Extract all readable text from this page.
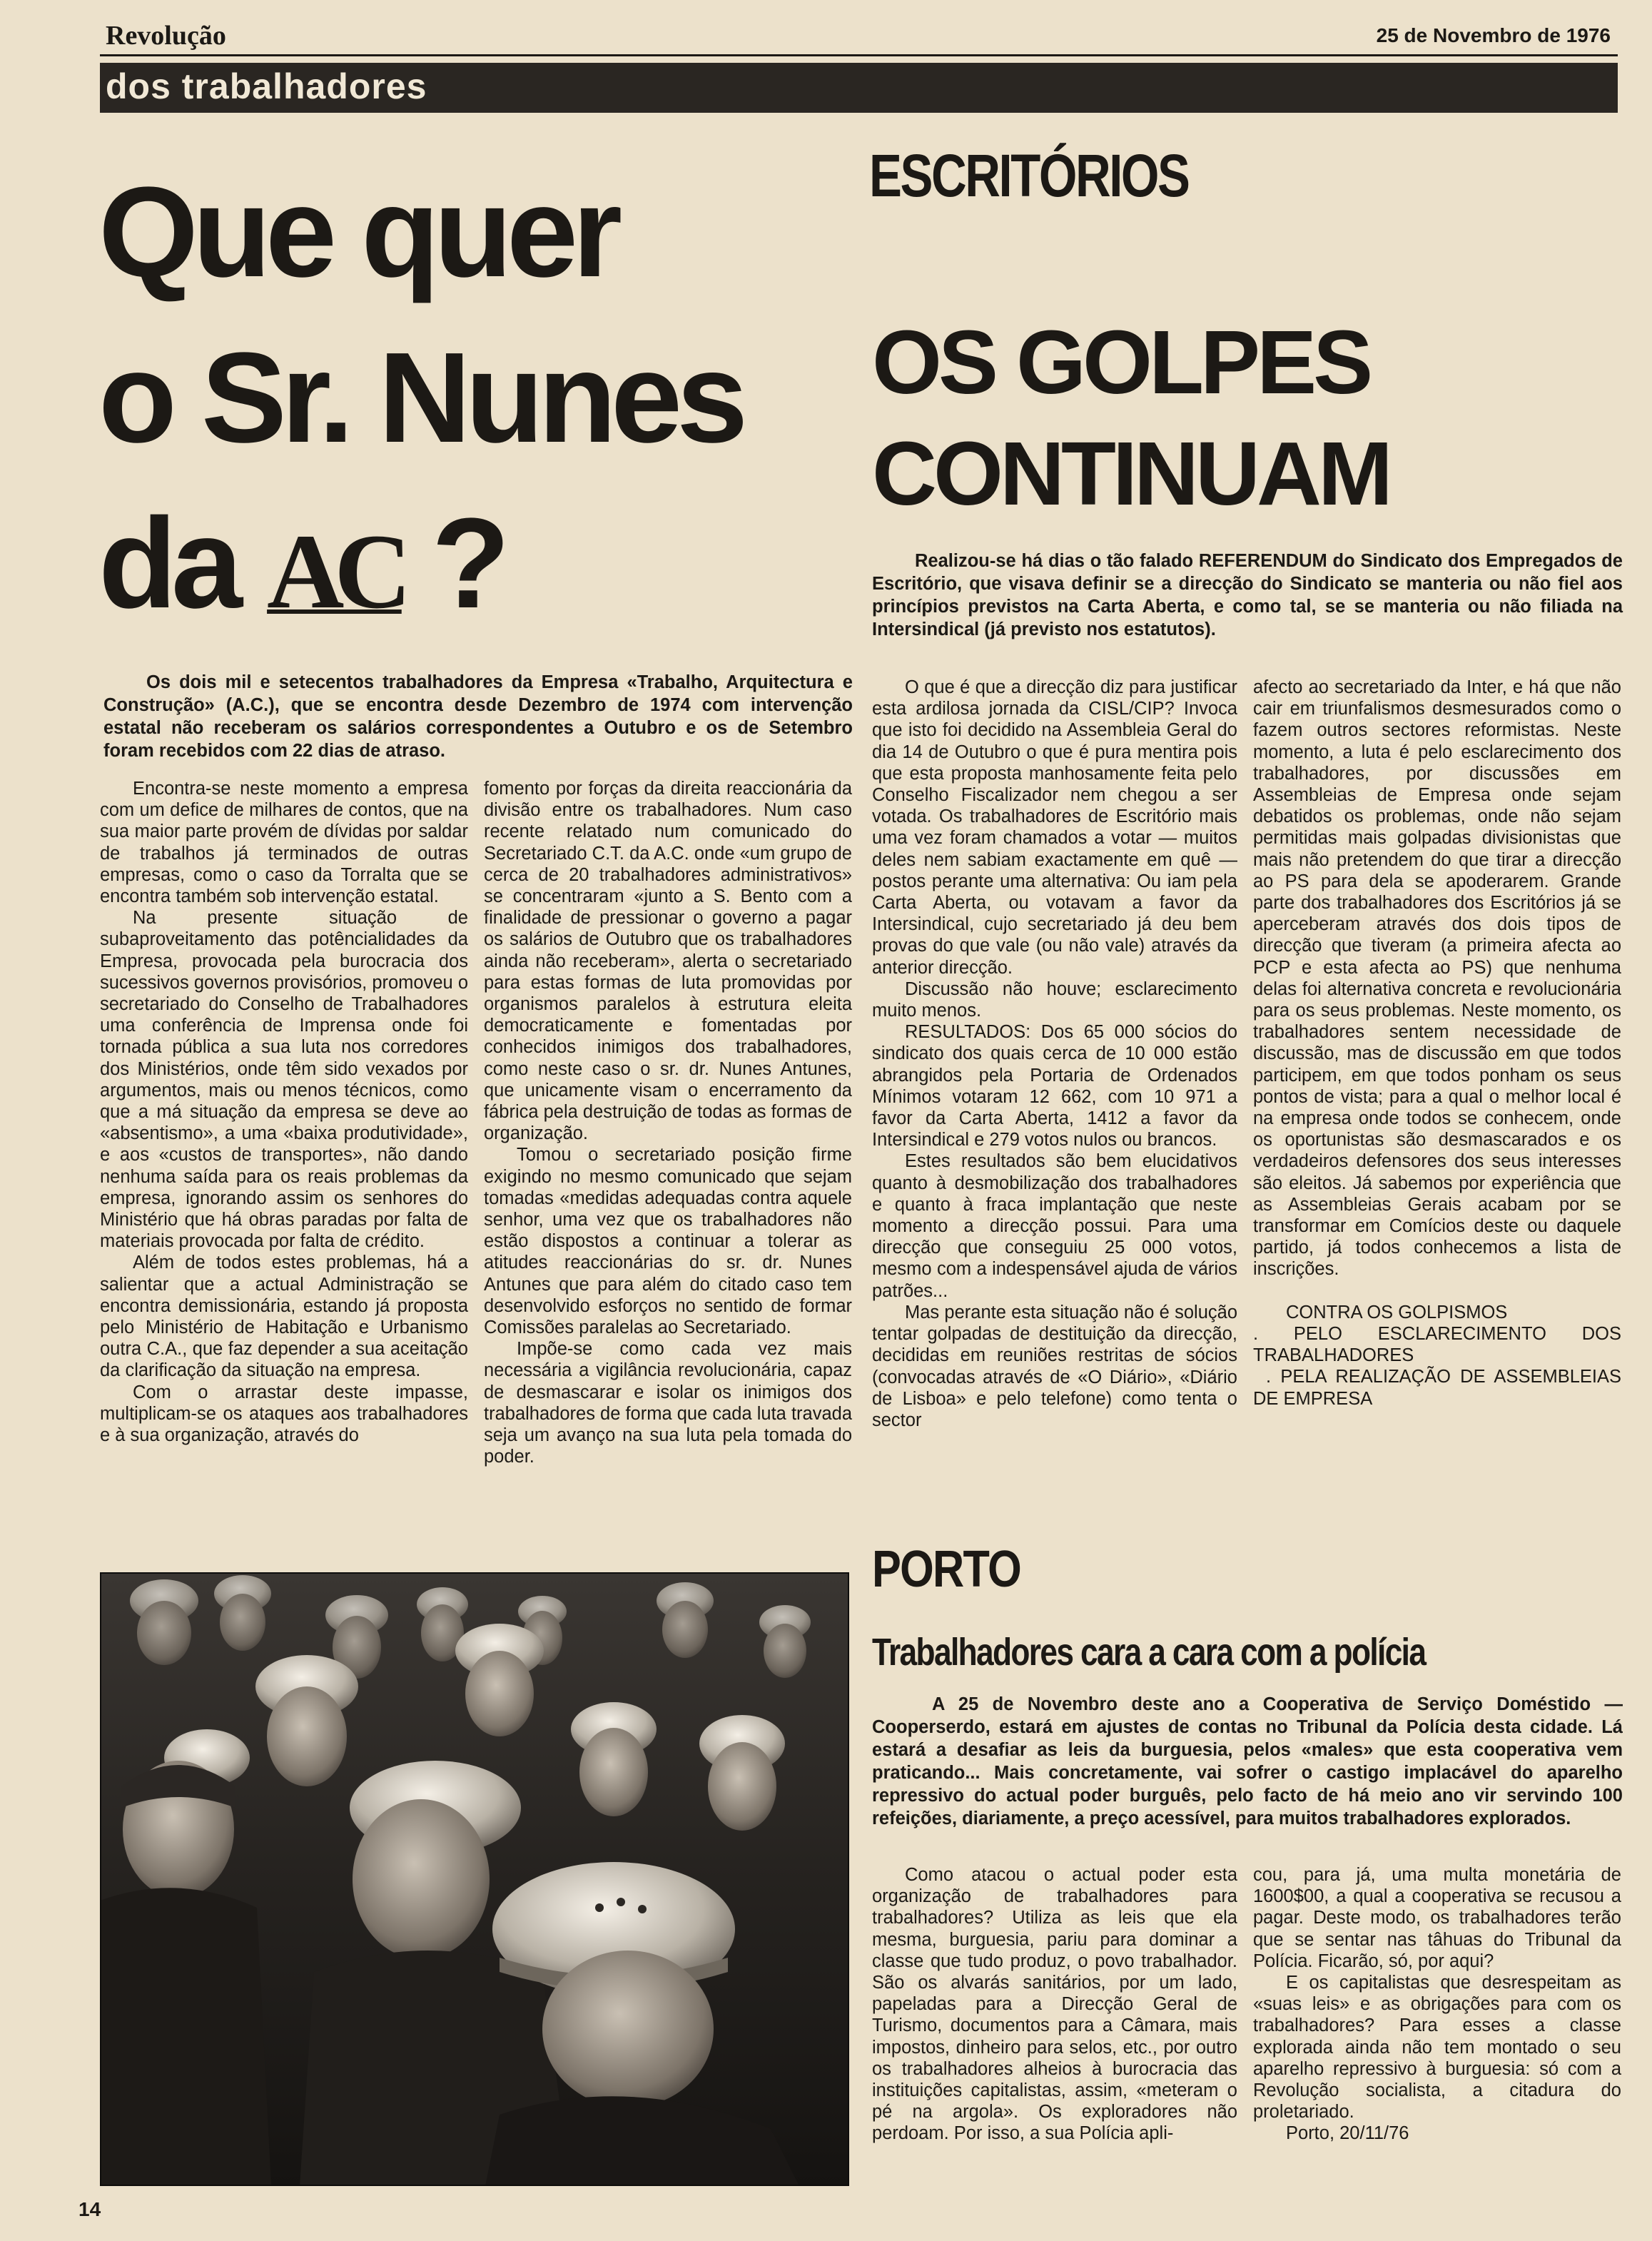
Revolução	25 de Novembro de 1976
dos trabalhadores
Que quer
o Sr. Nunes
da AC ?
ESCRITÓRIOS
OS GOLPES
CONTINUAM

Realizou-se há dias o tão falado REFERENDUM do Sindicato dos Empregados de Escritório, que visava definir se a direcção do Sindicato se manteria ou não fiel aos princípios previstos na Carta Aberta, e como tal, se se manteria ou não filiada na Intersindical (já previsto nos estatutos).

Os dois mil e setecentos trabalhadores da Empresa «Trabalho, Arquitectura e Construção» (A.C.), que se encontra desde Dezembro de 1974 com intervenção estatal não receberam os salários correspondentes a Outubro e os de Setembro foram recebidos com 22 dias de atraso.

Encontra-se neste momento a empresa com um defice de milhares de contos, que na sua maior parte provém de dívidas por saldar de trabalhos já terminados de outras empresas, como o caso da Torralta que se encontra também sob intervenção estatal.

Na presente situação de subaproveitamento das potêncialidades da Empresa, provocada pela burocracia dos sucessivos governos provisórios, promoveu o secretariado do Conselho de Trabalhadores uma conferência de Imprensa onde foi tornada pública a sua luta nos corredores dos Ministérios, onde têm sido vexados por argumentos, mais ou menos técnicos, como que a má situação da empresa se deve ao «absentismo», a uma «baixa produtividade», e aos «custos de transportes», não dando nenhuma saída para os reais problemas da empresa, ignorando assim os senhores do Ministério que há obras paradas por falta de materiais provocada por falta de crédito.

Além de todos estes problemas, há a salientar que a actual Administração se encontra demissionária, estando já proposta pelo Ministério de Habitação e Urbanismo outra C.A., que faz depender a sua aceitação da clarificação da situação na empresa.

Com o arrastar deste impasse, multiplicam-se os ataques aos trabalhadores e à sua organização, através do

fomento por forças da direita reaccionária da divisão entre os trabalhadores. Num caso recente relatado num comunicado do Secretariado C.T. da A.C. onde «um grupo de cerca de 20 trabalhadores administrativos» se concentraram «junto a S. Bento com a finalidade de pressionar o governo a pagar os salários de Outubro que os trabalhadores ainda não receberam», alerta o secretariado para estas formas de luta promovidas por organismos paralelos à estrutura eleita democraticamente e fomentadas por conhecidos inimigos dos trabalhadores, como neste caso o sr. dr. Nunes Antunes, que unicamente visam o encerramento da fábrica pela destruição de todas as formas de organização.

Tomou o secretariado posição firme exigindo no mesmo comunicado que sejam tomadas «medidas adequadas contra aquele senhor, uma vez que os trabalhadores não estão dispostos a continuar a tolerar as atitudes reaccionárias do sr. dr. Nunes Antunes que para além do citado caso tem desenvolvido esforços no sentido de formar Comissões paralelas ao Secretariado.

Impõe-se como cada vez mais necessária a vigilância revolucionária, capaz de desmascarar e isolar os inimigos dos trabalhadores de forma que cada luta travada seja um avanço na sua luta pela tomada do poder.

O que é que a direcção diz para justificar esta ardilosa jornada da CISL/CIP? Invoca que isto foi decidido na Assembleia Geral do dia 14 de Outubro o que é pura mentira pois que esta proposta manhosamente feita pelo Conselho Fiscalizador nem chegou a ser votada. Os trabalhadores de Escritório mais uma vez foram chamados a votar — muitos deles nem sabiam exactamente em quê — postos perante uma alternativa: Ou iam pela Carta Aberta, ou votavam a favor da Intersindical, cujo secretariado já deu bem provas do que vale (ou não vale) através da anterior direcção.

Discussão não houve; esclarecimento muito menos.

RESULTADOS: Dos 65 000 sócios do sindicato dos quais cerca de 10 000 estão abrangidos pela Portaria de Ordenados Mínimos votaram 12 662, com 10 971 a favor da Carta Aberta, 1412 a favor da Intersindical e 279 votos nulos ou brancos.

Estes resultados são bem elucidativos quanto à desmobilização dos trabalhadores e quanto à fraca implantação que neste momento a direcção possui. Para uma direcção que conseguiu 25 000 votos, mesmo com a indespensável ajuda de vários patrões...

Mas perante esta situação não é solução tentar golpadas de destituição da direcção, decididas em reuniões restritas de sócios (convocadas através de «O Diário», «Diário de Lisboa» e pelo telefone) como tenta o sector

afecto ao secretariado da Inter, e há que não cair em triunfalismos desmesurados como o fazem outros sectores reformistas. Neste momento, a luta é pelo esclarecimento dos trabalhadores, por discussões em Assembleias de Empresa onde sejam debatidos os problemas, onde não sejam permitidas mais golpadas divisionistas que mais não pretendem do que tirar a direcção ao PS para dela se apoderarem. Grande parte dos trabalhadores dos Escritórios já se aperceberam através dos dois tipos de direcção que tiveram (a primeira afecta ao PCP e esta afecta ao PS) que nenhuma delas foi alternativa concreta e revolucionária para os seus problemas. Neste momento, os trabalhadores sentem necessidade de discussão, mas de discussão em que todos participem, em que todos ponham os seus pontos de vista; para a qual o melhor local é na empresa onde todos se conhecem, onde os oportunistas são desmascarados e os verdadeiros defensores dos seus interesses são eleitos. Já sabemos por experiência que as Assembleias Gerais acabam por se transformar em Comícios deste ou daquele partido, já todos conhecemos a lista de inscrições.

CONTRA OS GOLPISMOS
. PELO ESCLARECIMENTO DOS TRABALHADORES
. PELA REALIZAÇÃO DE ASSEMBLEIAS DE EMPRESA
PORTO
Trabalhadores cara a cara com a polícia

A 25 de Novembro deste ano a Cooperativa de Serviço Doméstido — Cooperserdo, estará em ajustes de contas no Tribunal da Polícia desta cidade. Lá estará a desafiar as leis da burguesia, pelos «males» que esta cooperativa vem praticando... Mais concretamente, vai sofrer o castigo implacável do aparelho repressivo do actual poder burguês, pelo facto de há meio ano vir servindo 100 refeições, diariamente, a preço acessível, para muitos trabalhadores explorados.

Como atacou o actual poder esta organização de trabalhadores para trabalhadores? Utiliza as leis que ela mesma, burguesia, pariu para dominar a classe que tudo produz, o povo trabalhador. São os alvarás sanitários, por um lado, papeladas para a Direcção Geral de Turismo, documentos para a Câmara, mais impostos, dinheiro para selos, etc., por outro os trabalhadores alheios à burocracia das instituições capitalistas, assim, «meteram o pé na argola». Os exploradores não perdoam. Por isso, a sua Polícia apli-

cou, para já, uma multa monetária de 1600$00, a qual a cooperativa se recusou a pagar. Deste modo, os trabalhadores terão que se sentar nas tâhuas do Tribunal da Polícia. Ficarão, só, por aqui?

E os capitalistas que desrespeitam as «suas leis» e as obrigações para com os trabalhadores? Para esses a classe explorada ainda não tem montado o seu aparelho repressivo à burguesia: só com a Revolução socialista, a citadura do proletariado.

Porto, 20/11/76

14
